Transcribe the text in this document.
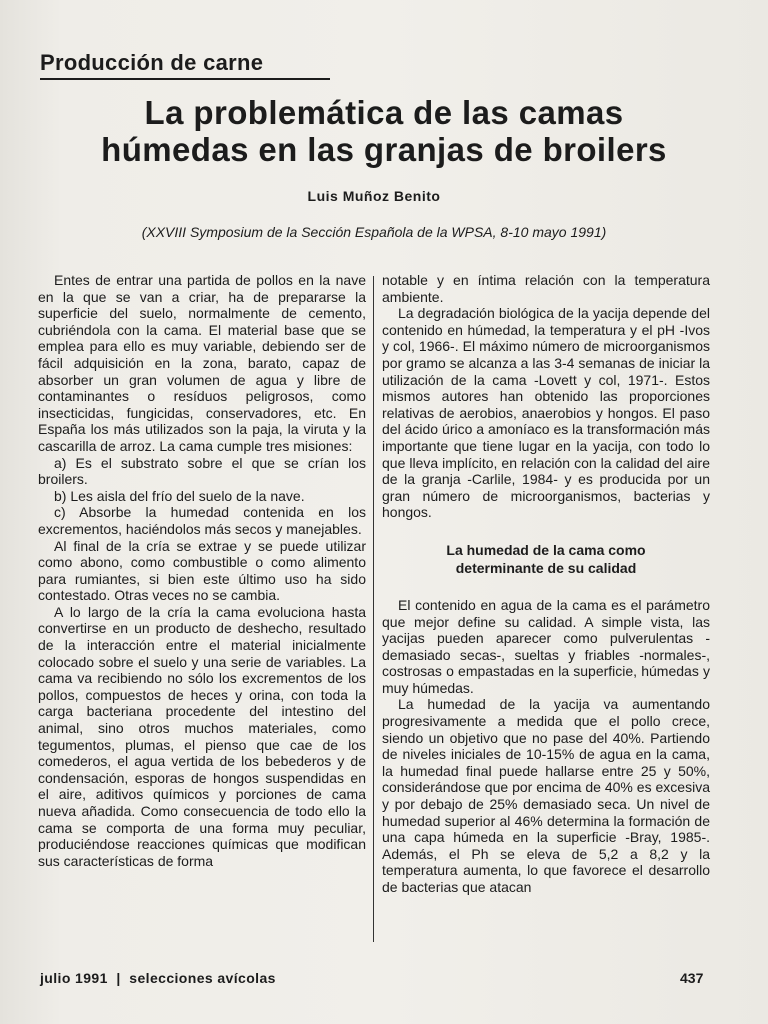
Producción de carne
La problemática de las camas
húmedas en las granjas de broilers
Luis Muñoz Benito
(XXVIII Symposium de la Sección Española de la WPSA, 8-10 mayo 1991)

Entes de entrar una partida de pollos en la nave en la que se van a criar, ha de prepararse la superficie del suelo, normalmente de cemento, cubriéndola con la cama. El material base que se emplea para ello es muy variable, debiendo ser de fácil adquisición en la zona, barato, capaz de absorber un gran volumen de agua y libre de contaminantes o resíduos peligrosos, como insecticidas, fungicidas, conservadores, etc. En España los más utilizados son la paja, la viruta y la cascarilla de arroz. La cama cumple tres misiones:

a) Es el substrato sobre el que se crían los broilers.

b) Les aisla del frío del suelo de la nave.

c) Absorbe la humedad contenida en los excrementos, haciéndolos más secos y manejables.

Al final de la cría se extrae y se puede utilizar como abono, como combustible o como alimento para rumiantes, si bien este último uso ha sido contestado. Otras veces no se cambia.

A lo largo de la cría la cama evoluciona hasta convertirse en un producto de deshecho, resultado de la interacción entre el material inicialmente colocado sobre el suelo y una serie de variables. La cama va recibiendo no sólo los excrementos de los pollos, compuestos de heces y orina, con toda la carga bacteriana procedente del intestino del animal, sino otros muchos materiales, como tegumentos, plumas, el pienso que cae de los comederos, el agua vertida de los bebederos y de condensación, esporas de hongos suspendidas en el aire, aditivos químicos y porciones de cama nueva añadida. Como consecuencia de todo ello la cama se comporta de una forma muy peculiar, produciéndose reacciones químicas que modifican sus características de forma

notable y en íntima relación con la temperatura ambiente.

La degradación biológica de la yacija depende del contenido en húmedad, la temperatura y el pH -Ivos y col, 1966-. El máximo número de microorganismos por gramo se alcanza a las 3-4 semanas de iniciar la utilización de la cama -Lovett y col, 1971-. Estos mismos autores han obtenido las proporciones relativas de aerobios, anaerobios y hongos. El paso del ácido úrico a amoníaco es la transformación más importante que tiene lugar en la yacija, con todo lo que lleva implícito, en relación con la calidad del aire de la granja -Carlile, 1984- y es producida por un gran número de microorganismos, bacterias y hongos.

La humedad de la cama como
determinante de su calidad

El contenido en agua de la cama es el parámetro que mejor define su calidad. A simple vista, las yacijas pueden aparecer como pulverulentas -demasiado secas-, sueltas y friables -normales-, costrosas o empastadas en la superficie, húmedas y muy húmedas.

La humedad de la yacija va aumentando progresivamente a medida que el pollo crece, siendo un objetivo que no pase del 40%. Partiendo de niveles iniciales de 10-15% de agua en la cama, la humedad final puede hallarse entre 25 y 50%, considerándose que por encima de 40% es excesiva y por debajo de 25% demasiado seca. Un nivel de humedad superior al 46% determina la formación de una capa húmeda en la superficie -Bray, 1985-. Además, el Ph se eleva de 5,2 a 8,2 y la temperatura aumenta, lo que favorece el desarrollo de bacterias que atacan

julio 1991  |  selecciones avícolas	437
